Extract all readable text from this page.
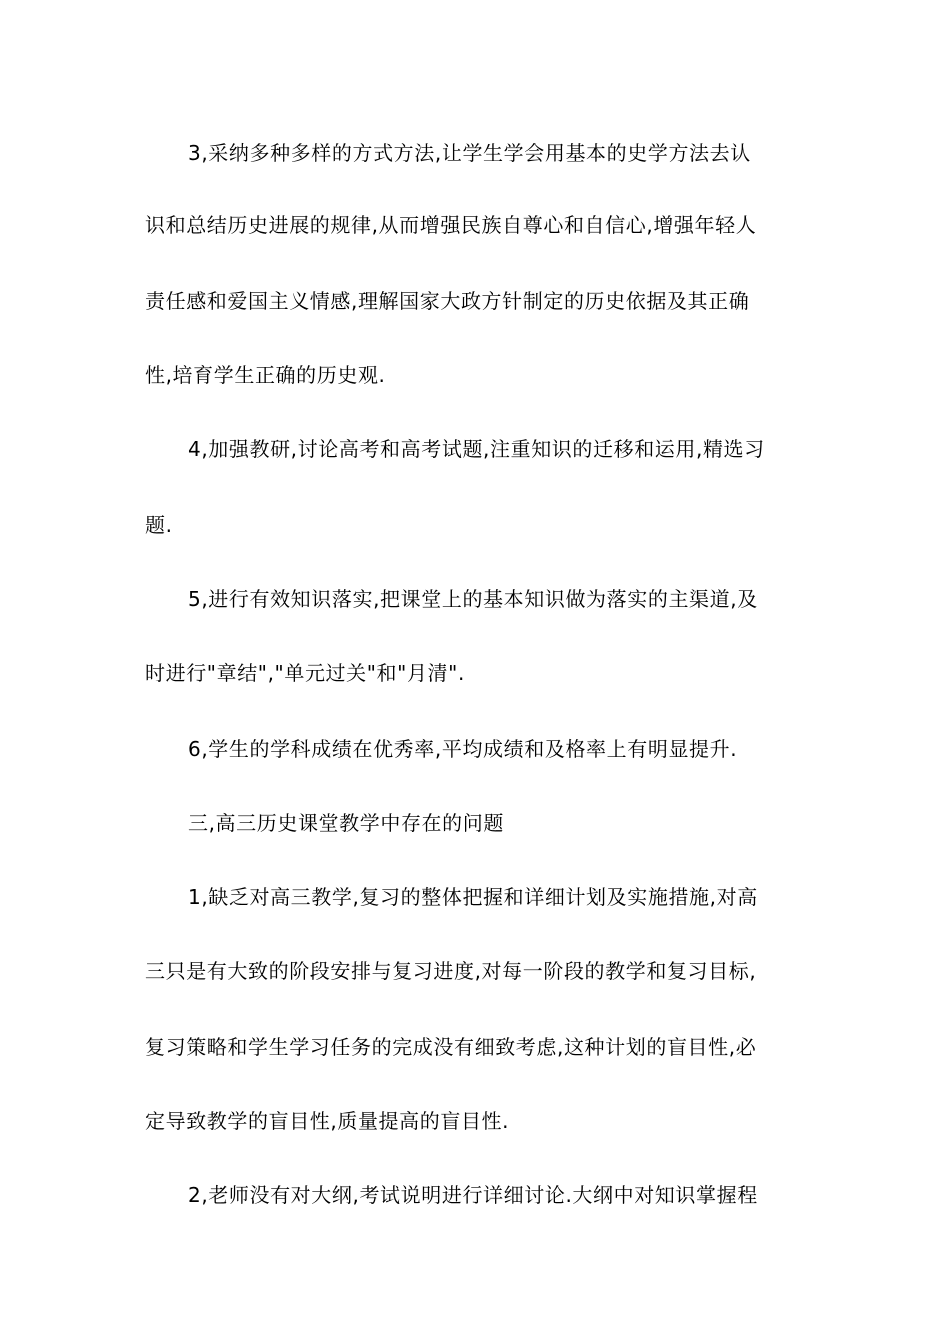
3,采纳多种多样的方式方法,让学生学会用基本的史学方法去认
识和总结历史进展的规律,从而增强民族自尊心和自信心,增强年轻人
责任感和爱国主义情感,理解国家大政方针制定的历史依据及其正确
性,培育学生正确的历史观.
4,加强教研,讨论高考和高考试题,注重知识的迁移和运用,精选习
题.
5,进行有效知识落实,把课堂上的基本知识做为落实的主渠道,及
时进行"章结","单元过关"和"月清".
6,学生的学科成绩在优秀率,平均成绩和及格率上有明显提升.
三,高三历史课堂教学中存在的问题
1,缺乏对高三教学,复习的整体把握和详细计划及实施措施,对高
三只是有大致的阶段安排与复习进度,对每一阶段的教学和复习目标,
复习策略和学生学习任务的完成没有细致考虑,这种计划的盲目性,必
定导致教学的盲目性,质量提高的盲目性.
2,老师没有对大纲,考试说明进行详细讨论.大纲中对知识掌握程
